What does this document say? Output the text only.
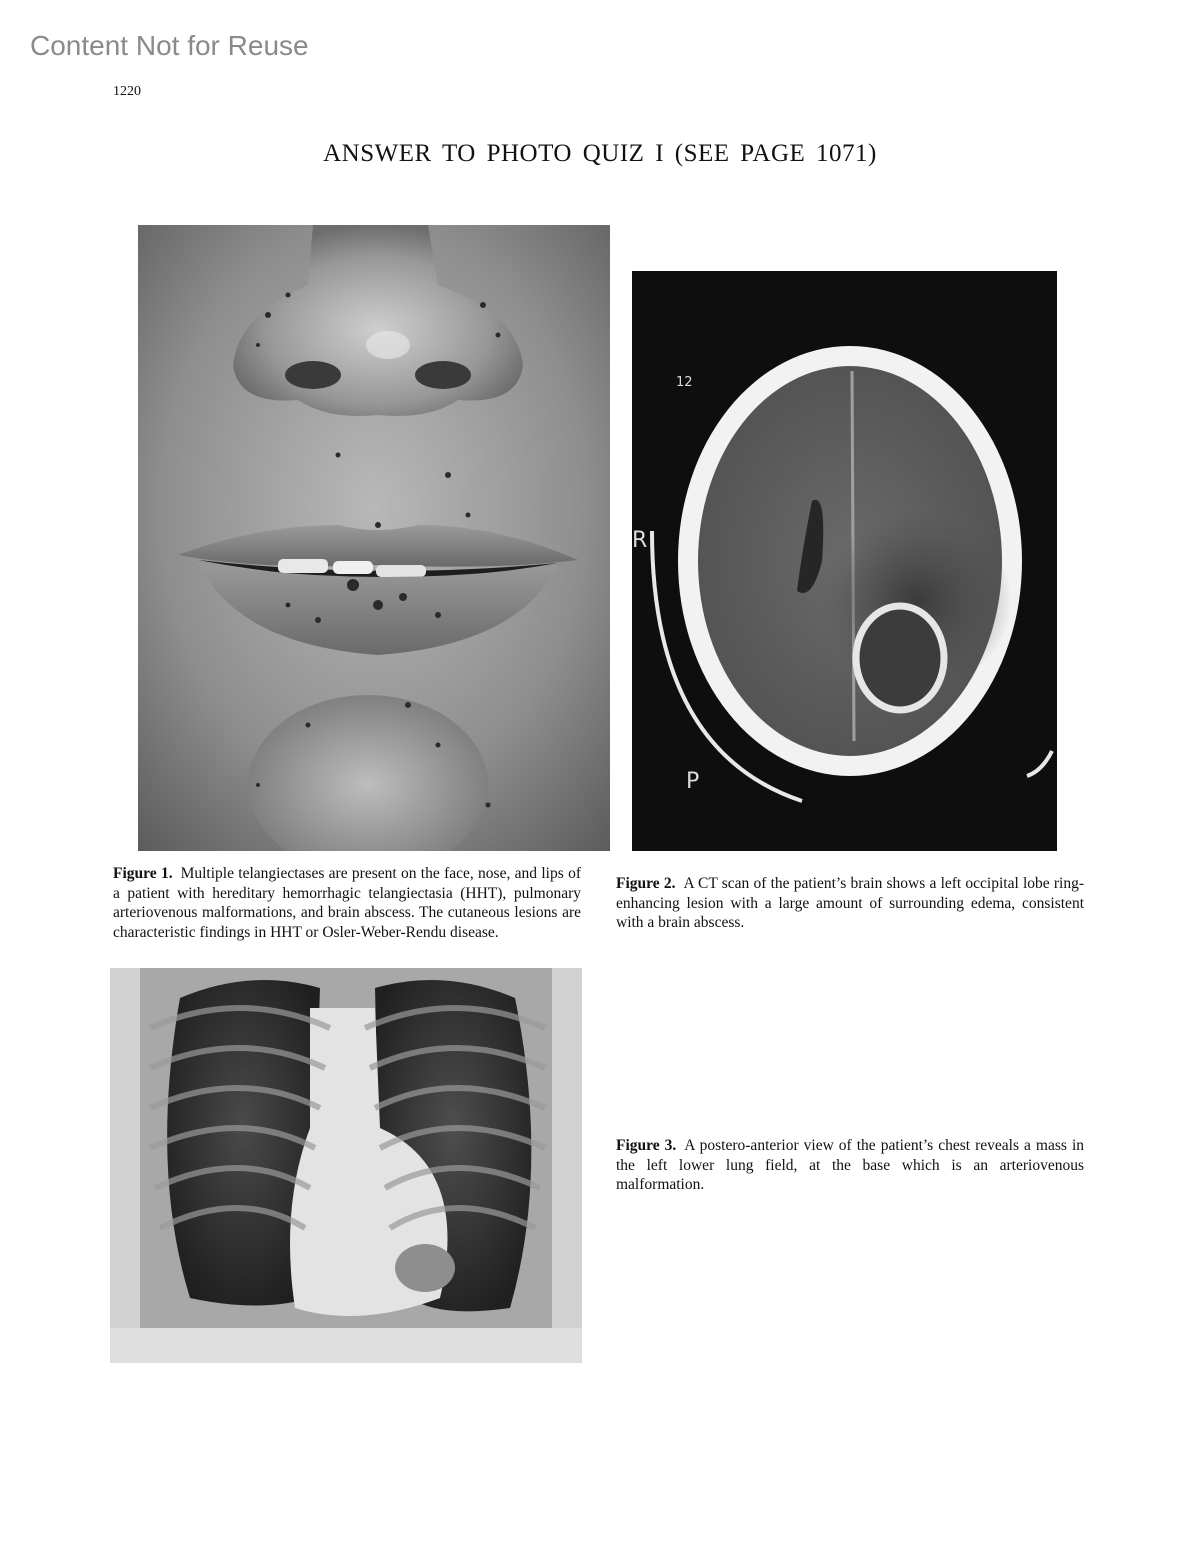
Content Not for Reuse
1220
ANSWER TO PHOTO QUIZ I (SEE PAGE 1071)
12
R
P
Figure 1. Multiple telangiectases are present on the face, nose, and lips of a patient with hereditary hemorrhagic telangiectasia (HHT), pulmonary arteriovenous malformations, and brain abscess. The cutaneous lesions are characteristic findings in HHT or Osler-Weber-Rendu disease.
Figure 2. A CT scan of the patient’s brain shows a left occipital lobe ring-enhancing lesion with a large amount of surrounding edema, consistent with a brain abscess.
Figure 3. A postero-anterior view of the patient’s chest reveals a mass in the left lower lung field, at the base which is an arteriovenous malformation.
